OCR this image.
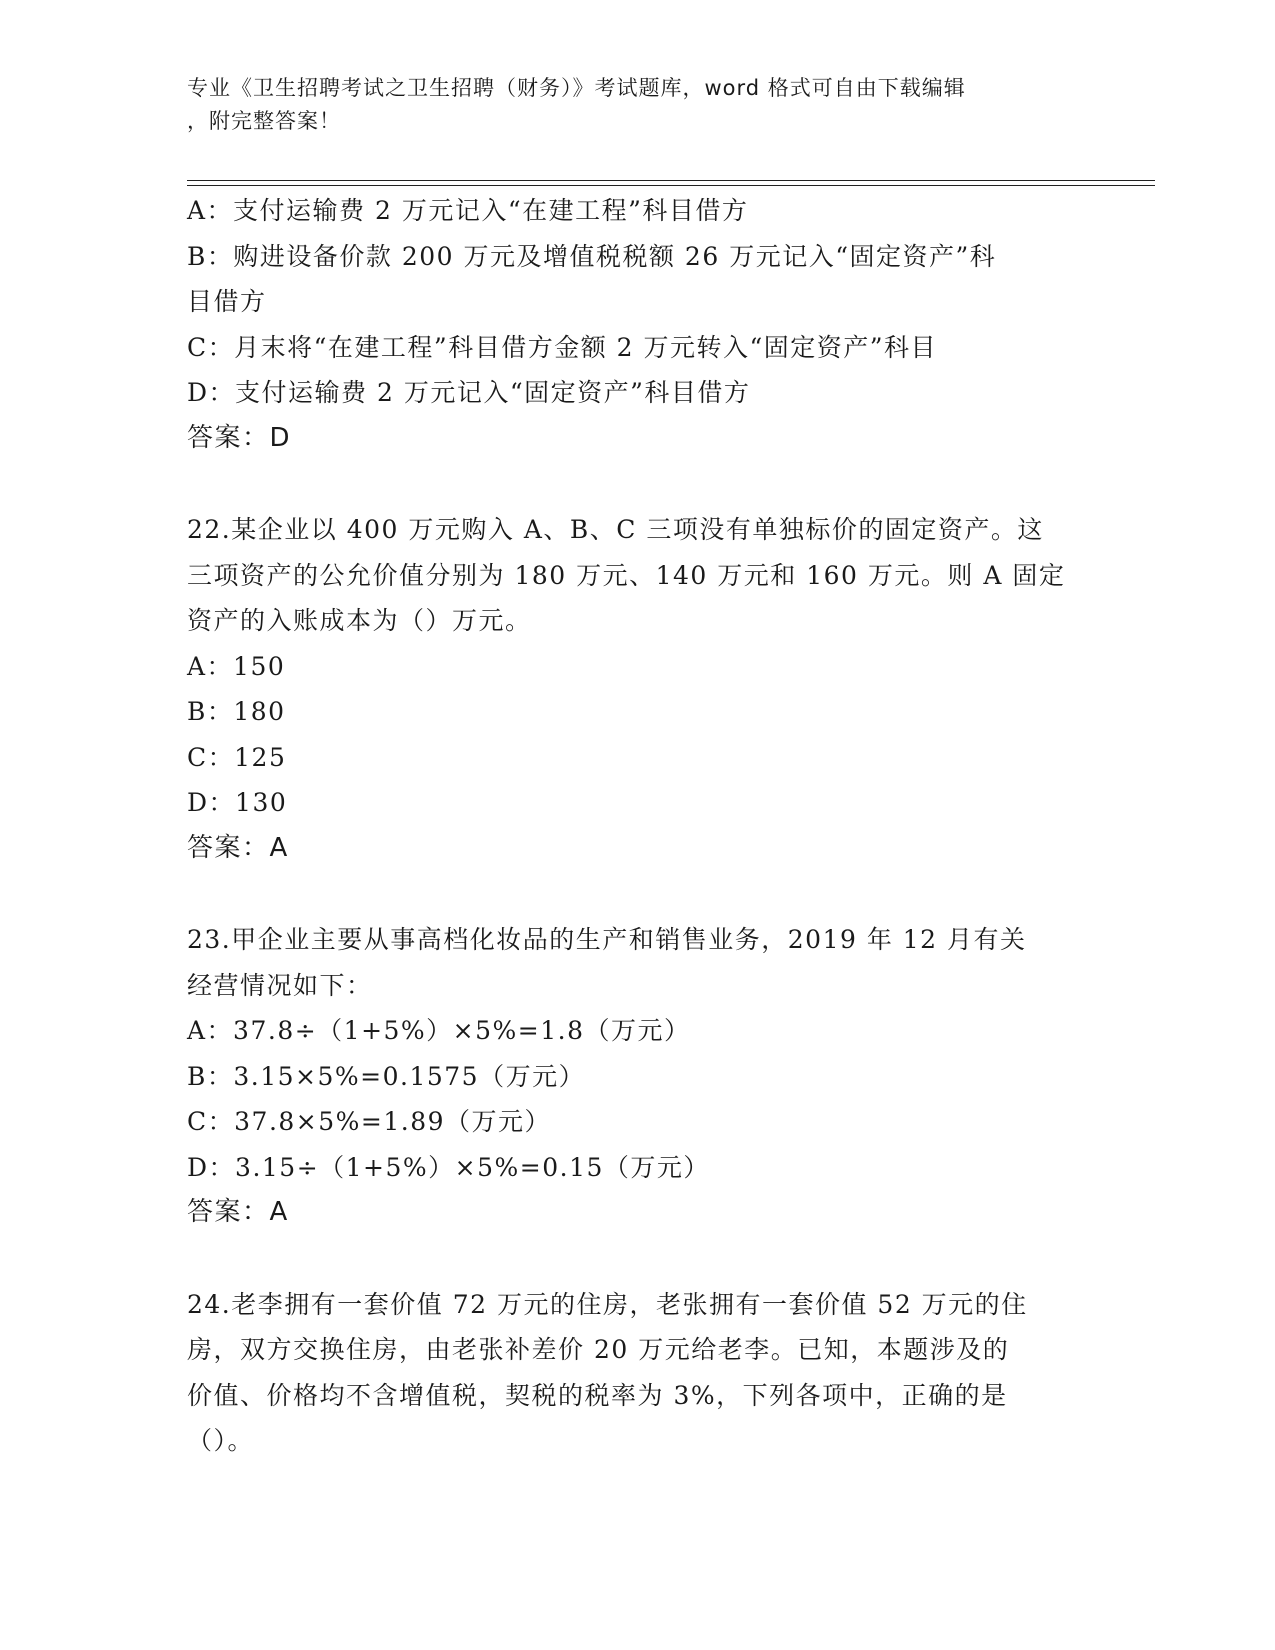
专业《卫生招聘考试之卫生招聘（财务）》考试题库，word 格式可自由下载编辑
，附完整答案！
A：支付运输费 2 万元记入“在建工程”科目借方
B：购进设备价款 200 万元及增值税税额 26 万元记入“固定资产”科
目借方
C：月末将“在建工程”科目借方金额 2 万元转入“固定资产”科目
D：支付运输费 2 万元记入“固定资产”科目借方
答案：D
22.某企业以 400 万元购入 A、B、C 三项没有单独标价的固定资产。这
三项资产的公允价值分别为 180 万元、140 万元和 160 万元。则 A 固定
资产的入账成本为（）万元。
A：150
B：180
C：125
D：130
答案：A
23.甲企业主要从事高档化妆品的生产和销售业务，2019 年 12 月有关
经营情况如下：
A：37.8÷（1+5%）×5%=1.8（万元）
B：3.15×5%=0.1575（万元）
C：37.8×5%=1.89（万元）
D：3.15÷（1+5%）×5%=0.15（万元）
答案：A
24.老李拥有一套价值 72 万元的住房，老张拥有一套价值 52 万元的住
房，双方交换住房，由老张补差价 20 万元给老李。已知，本题涉及的
价值、价格均不含增值税，契税的税率为 3%，下列各项中，正确的是
（）。
